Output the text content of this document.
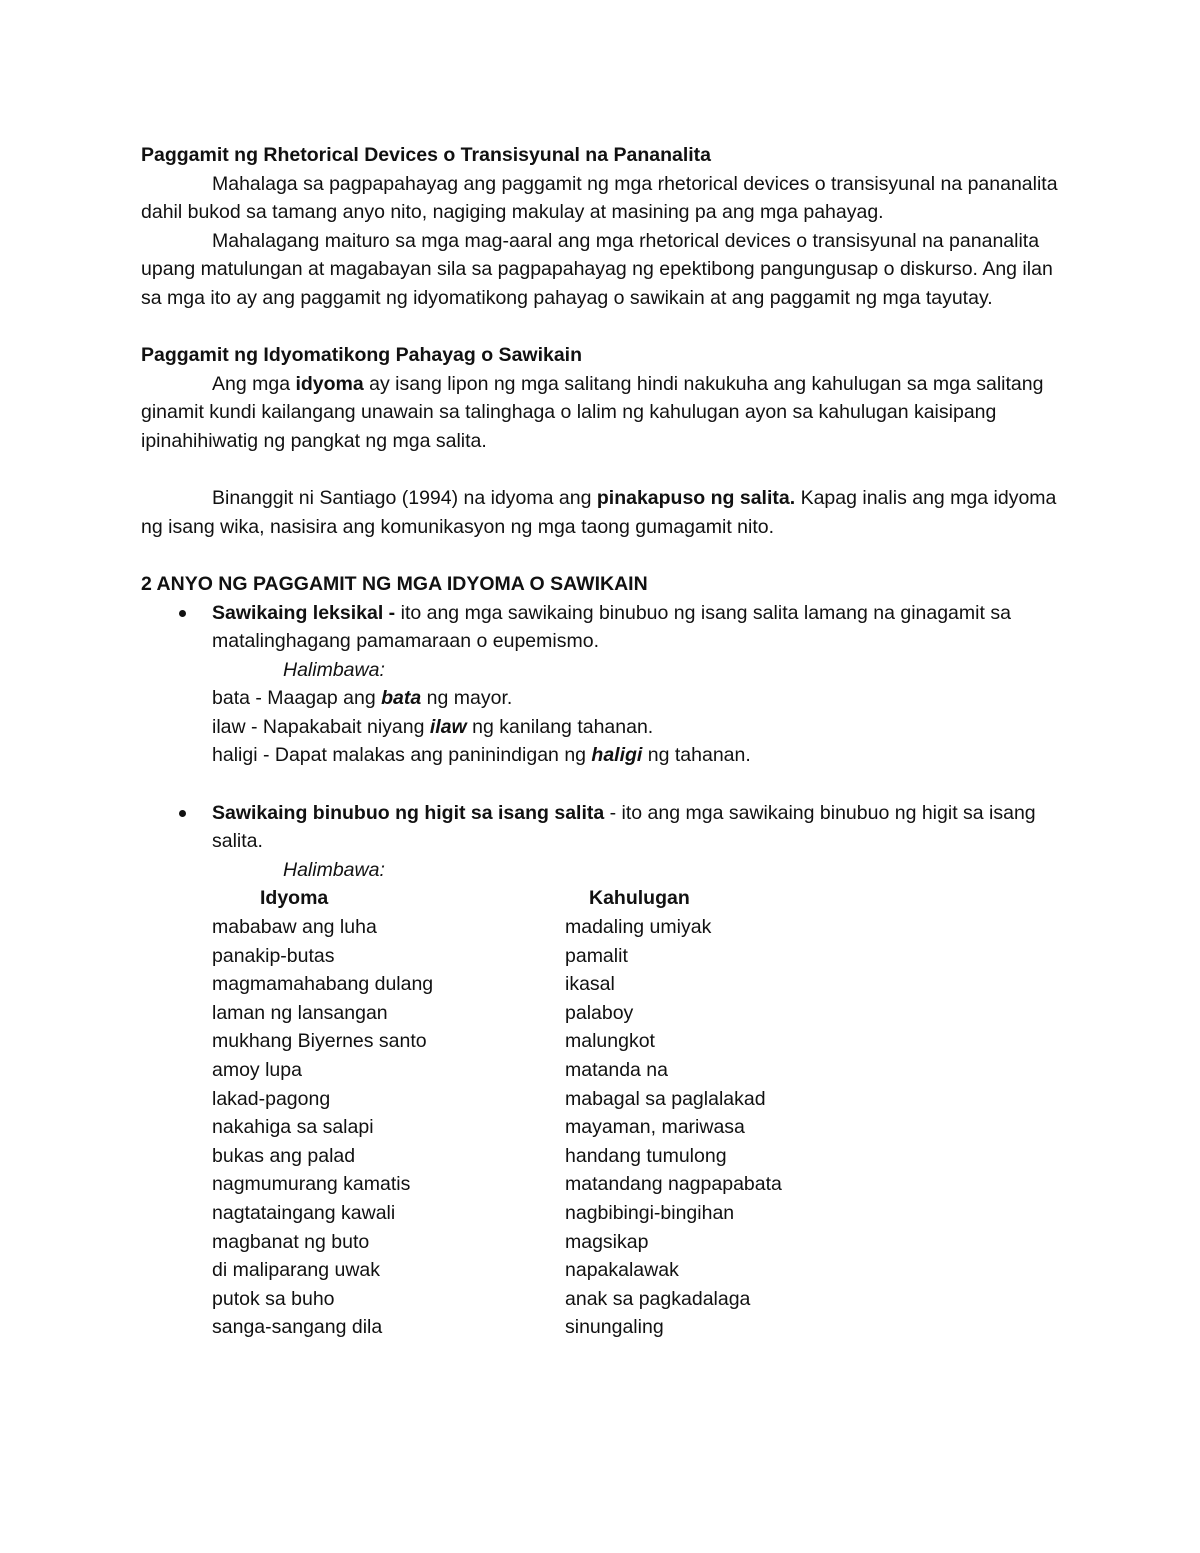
Paggamit ng Rhetorical Devices o Transisyunal na Pananalita

Mahalaga sa pagpapahayag ang paggamit ng mga rhetorical devices o transisyunal na pananalita dahil bukod sa tamang anyo nito, nagiging makulay at masining pa ang mga pahayag.

Mahalagang maituro sa mga mag-aaral ang mga rhetorical devices o transisyunal na pananalita upang matulungan at magabayan sila sa pagpapahayag ng epektibong pangungusap o diskurso. Ang ilan sa mga ito ay ang paggamit ng idyomatikong pahayag o sawikain at ang paggamit ng mga tayutay.

Paggamit ng Idyomatikong Pahayag o Sawikain

Ang mga idyoma ay isang lipon ng mga salitang hindi nakukuha ang kahulugan sa mga salitang ginamit kundi kailangang unawain sa talinghaga o lalim ng kahulugan ayon sa kahulugan kaisipang ipinahihiwatig ng pangkat ng mga salita.

Binanggit ni Santiago (1994) na idyoma ang pinakapuso ng salita. Kapag inalis ang mga idyoma ng isang wika, nasisira ang komunikasyon ng mga taong gumagamit nito.

2 ANYO NG PAGGAMIT NG MGA IDYOMA O SAWIKAIN

Sawikaing leksikal - ito ang mga sawikaing binubuo ng isang salita lamang na ginagamit sa matalinghagang pamamaraan o eupemismo.

Halimbawa:

bata - Maagap ang bata ng mayor.

ilaw - Napakabait niyang ilaw ng kanilang tahanan.

haligi - Dapat malakas ang paninindigan ng haligi ng tahanan.

Sawikaing binubuo ng higit sa isang salita - ito ang mga sawikaing binubuo ng higit sa isang salita.

Halimbawa:

Idyoma	Kahulugan
mababaw ang luha	madaling umiyak
panakip-butas	pamalit
magmamahabang dulang	ikasal
laman ng lansangan	palaboy
mukhang Biyernes santo	malungkot
amoy lupa	matanda na
lakad-pagong	mabagal sa paglalakad
nakahiga sa salapi	mayaman, mariwasa
bukas ang palad	handang tumulong
nagmumurang kamatis	matandang nagpapabata
nagtataingang kawali	nagbibingi-bingihan
magbanat ng buto	magsikap
di maliparang uwak	napakalawak
putok sa buho	anak sa pagkadalaga
sanga-sangang dila	sinungaling
